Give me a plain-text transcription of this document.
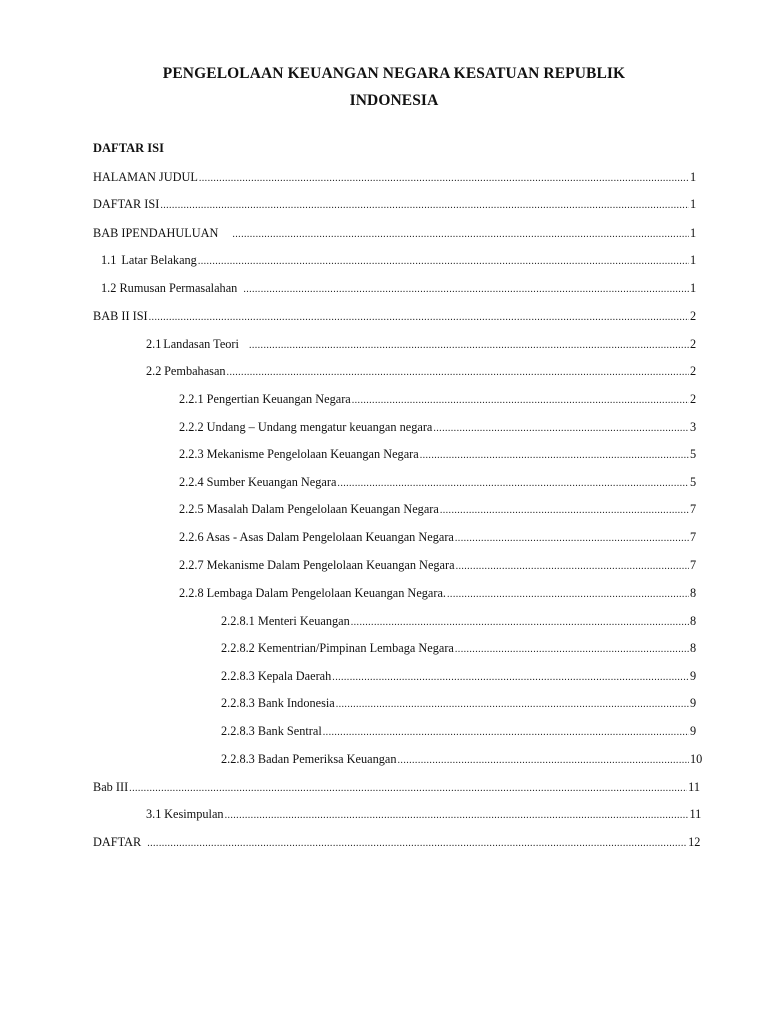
PENGELOLAAN KEUANGAN NEGARA KESATUAN REPUBLIK
INDONESIA
DAFTAR ISI
HALAMAN JUDUL .....	1
DAFTAR ISI .....	1
BAB I PENDAHULUAN .....	1
1.1 Latar Belakang .....	1
1.2 Rumusan Permasalahan .....	1
BAB II ISI .....	2
2.1 Landasan Teori .....	2
2.2 Pembahasan .....	2
2.2.1 Pengertian Keuangan Negara .....	2
2.2.2 Undang – Undang mengatur keuangan negara .....	3
2.2.3 Mekanisme Pengelolaan Keuangan Negara .....	5
2.2.4 Sumber Keuangan Negara .....	5
2.2.5 Masalah Dalam Pengelolaan Keuangan Negara .....	7
2.2.6 Asas - Asas Dalam Pengelolaan Keuangan Negara .....	7
2.2.7 Mekanisme Dalam Pengelolaan Keuangan Negara .....	7
2.2.8 Lembaga Dalam Pengelolaan Keuangan Negara. .....	8
2.2.8.1 Menteri Keuangan .....	8
2.2.8.2 Kementrian/Pimpinan Lembaga Negara .....	8
2.2.8.3 Kepala Daerah .....	9
2.2.8.3 Bank Indonesia .....	9
2.2.8.3 Bank Sentral .....	9
2.2.8.3 Badan Pemeriksa Keuangan .....	10
Bab III .....	11
3.1 Kesimpulan .....	11
DAFTAR .....	12
